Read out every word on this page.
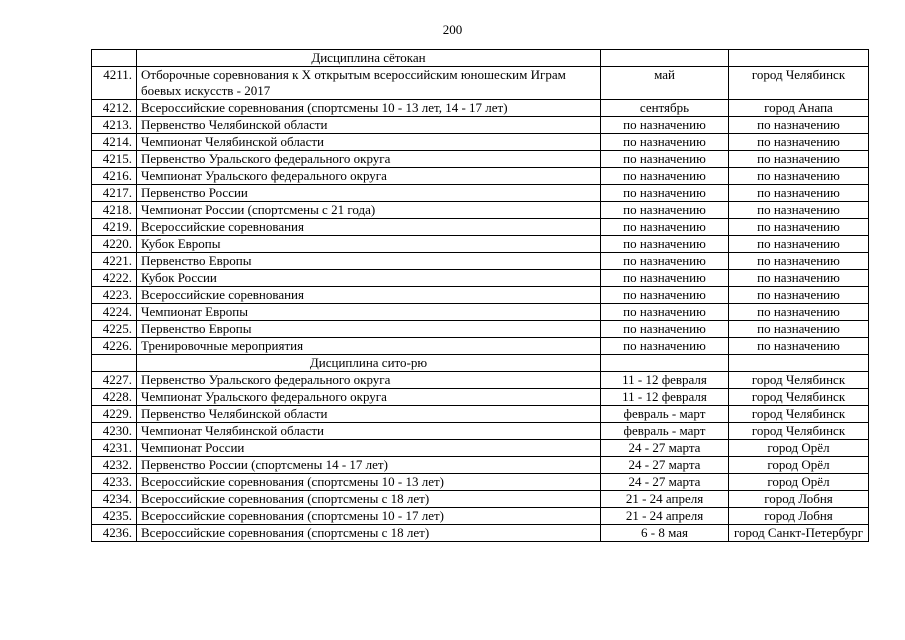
200
	Дисциплина сётокан		
4211.	Отборочные соревнования к X открытым всероссийским юношеским Играм боевых искусств - 2017	май	город Челябинск
4212.	Всероссийские соревнования (спортсмены 10 - 13 лет, 14 - 17 лет)	сентябрь	город Анапа
4213.	Первенство Челябинской области	по назначению	по назначению
4214.	Чемпионат Челябинской области	по назначению	по назначению
4215.	Первенство Уральского федерального округа	по назначению	по назначению
4216.	Чемпионат Уральского федерального округа	по назначению	по назначению
4217.	Первенство России	по назначению	по назначению
4218.	Чемпионат России (спортсмены с 21 года)	по назначению	по назначению
4219.	Всероссийские соревнования	по назначению	по назначению
4220.	Кубок Европы	по назначению	по назначению
4221.	Первенство Европы	по назначению	по назначению
4222.	Кубок России	по назначению	по назначению
4223.	Всероссийские соревнования	по назначению	по назначению
4224.	Чемпионат Европы	по назначению	по назначению
4225.	Первенство Европы	по назначению	по назначению
4226.	Тренировочные мероприятия	по назначению	по назначению
	Дисциплина сито-рю		
4227.	Первенство Уральского федерального округа	11 - 12 февраля	город Челябинск
4228.	Чемпионат Уральского федерального округа	11 - 12 февраля	город Челябинск
4229.	Первенство Челябинской области	февраль - март	город Челябинск
4230.	Чемпионат Челябинской области	февраль - март	город Челябинск
4231.	Чемпионат России	24 - 27 марта	город Орёл
4232.	Первенство России (спортсмены 14 - 17 лет)	24 - 27 марта	город Орёл
4233.	Всероссийские соревнования (спортсмены 10 - 13 лет)	24 - 27 марта	город Орёл
4234.	Всероссийские соревнования (спортсмены с 18 лет)	21 - 24 апреля	город Лобня
4235.	Всероссийские соревнования (спортсмены 10 - 17 лет)	21 - 24 апреля	город Лобня
4236.	Всероссийские соревнования (спортсмены с 18 лет)	6 - 8 мая	город Санкт-Петербург
